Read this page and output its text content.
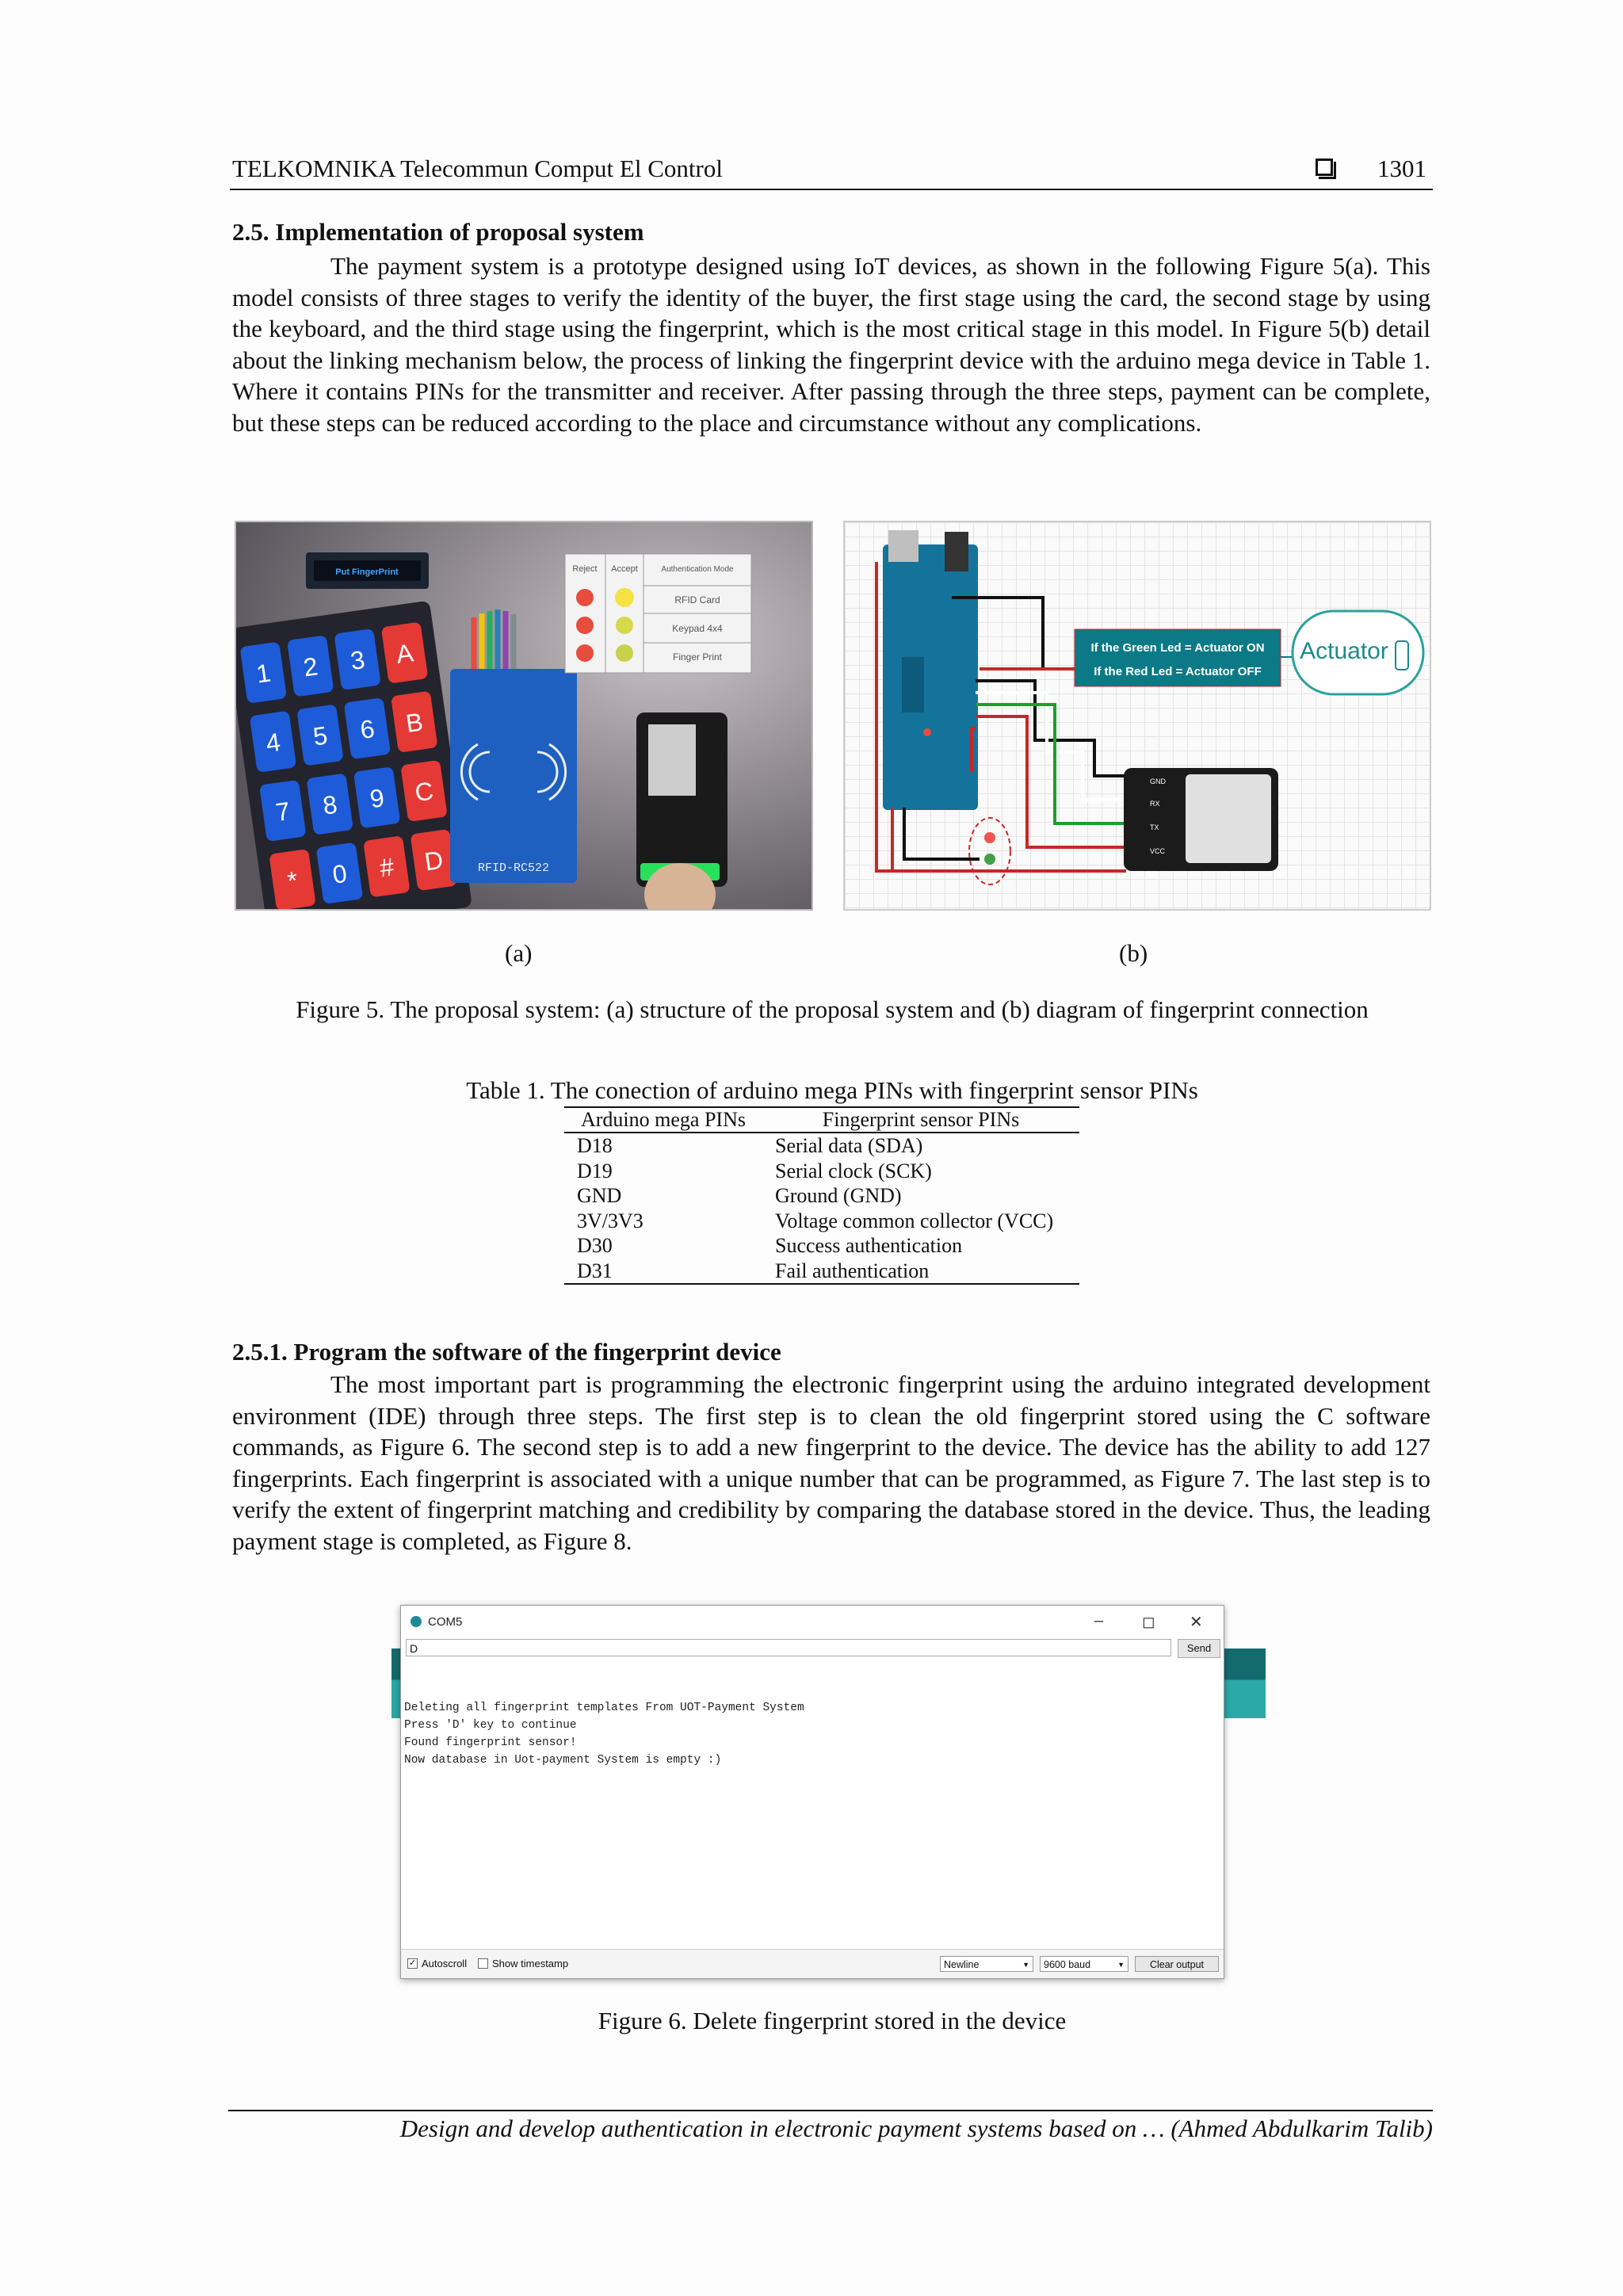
TELKOMNIKA Telecommun Comput El Control	1301
2.5. Implementation of proposal system
The payment system is a prototype designed using IoT devices, as shown in the following Figure 5(a). This model consists of three stages to verify the identity of the buyer, the first stage using the card, the second stage by using the keyboard, and the third stage using the fingerprint, which is the most critical stage in this model. In Figure 5(b) detail about the linking mechanism below, the process of linking the fingerprint device with the arduino mega device in Table 1. Where it contains PINs for the transmitter and receiver. After passing through the three steps, payment can be complete, but these steps can be reduced according to the place and circumstance without any complications.
Put FingerPrint
1 2 3 A
4 5 6 B
7 8 9 C
* 0 # D	RFID-RC522
Reject Accept	Authentication Mode
RFID Card
Keypad 4x4
Finger Print
If the Green Led = Actuator ON
If the Red Led = Actuator OFF
Actuator
GND
RX
TX
VCC
(a)	(b)
Figure 5. The proposal system: (a) structure of the proposal system and (b) diagram of fingerprint connection
Table 1. The conection of arduino mega PINs with fingerprint sensor PINs
Arduino mega PINs	Fingerprint sensor PINs
D18	Serial data (SDA)
D19	Serial clock (SCK)
GND	Ground (GND)
3V/3V3	Voltage common collector (VCC)
D30	Success authentication
D31	Fail authentication
2.5.1. Program the software of the fingerprint device
The most important part is programming the electronic fingerprint using the arduino integrated development environment (IDE) through three steps. The first step is to clean the old fingerprint stored using the C software commands, as Figure 6. The second step is to add a new fingerprint to the device. The device has the ability to add 127 fingerprints. Each fingerprint is associated with a unique number that can be programmed, as Figure 7. The last step is to verify the extent of fingerprint matching and credibility by comparing the database stored in the device. Thus, the leading payment stage is completed, as Figure 8.
COM5	– ◻ ✕
D	Send
Deleting all fingerprint templates From UOT-Payment System
Press 'D' key to continue
Found fingerprint sensor!
Now database in Uot-payment System is empty :)
✓ Autoscroll Show timestamp	Newline	▼	9600 baud	▼	Clear output
Figure 6. Delete fingerprint stored in the device
Design and develop authentication in electronic payment systems based on … (Ahmed Abdulkarim Talib)
